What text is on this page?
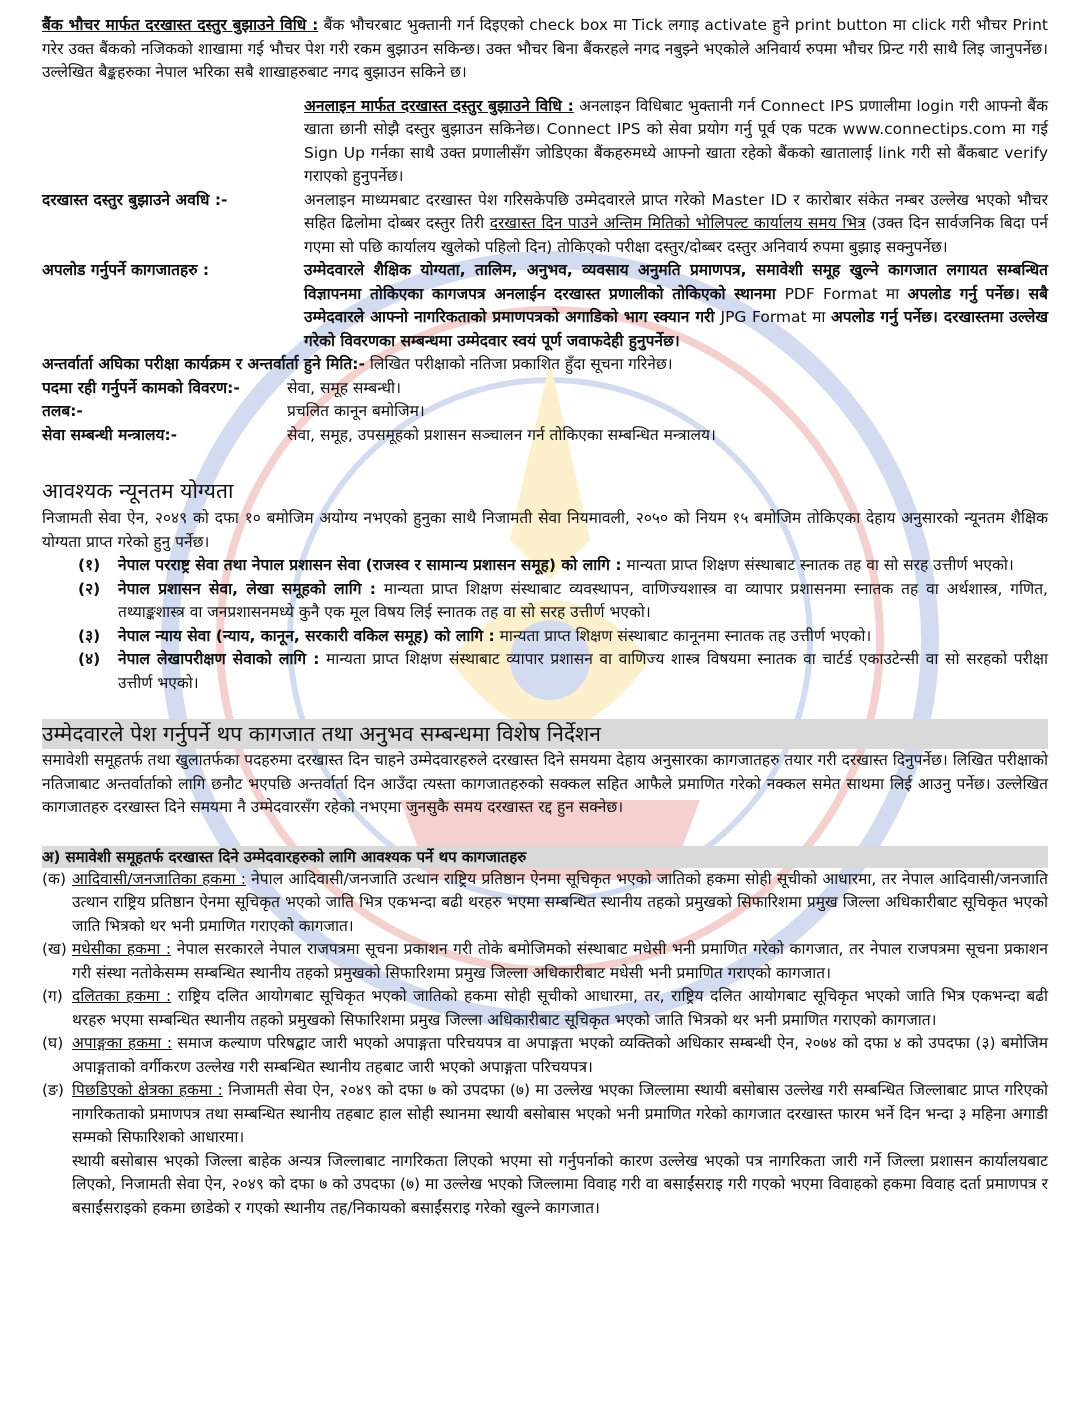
बैंक भौचर मार्फत दरखास्त दस्तुर बुझाउने विधि : बैंक भौचरबाट भुक्तानी गर्न दिइएको check box मा Tick लगाइ activate हुने print button मा click गरी भौचर Print गरेर उक्त बैंकको नजिकको शाखामा गई भौचर पेश गरी रकम बुझाउन सकिन्छ। उक्त भौचर बिना बैंकरहले नगद नबुझ्ने भएकोले अनिवार्य रुपमा भौचर प्रिन्ट गरी साथै लिइ जानुपर्नेछ। उल्लेखित बैङ्कहरुका नेपाल भरिका सबै शाखाहरुबाट नगद बुझाउन सकिने छ।
अनलाइन मार्फत दरखास्त दस्तुर बुझाउने विधि : अनलाइन विधिबाट भुक्तानी गर्न Connect IPS प्रणालीमा login गरी आफ्नो बैंक खाता छानी सोझै दस्तुर बुझाउन सकिनेछ। Connect IPS को सेवा प्रयोग गर्नु पूर्व एक पटक www.connectips.com मा गई Sign Up गर्नका साथै उक्त प्रणालीसँग जोडिएका बैंकहरुमध्ये आफ्नो खाता रहेको बैंकको खातालाई link गरी सो बैंकबाट verify गराएको हुनुपर्नेछ।
दरखास्त दस्तुर बुझाउने अवधि :-	अनलाइन माध्यमबाट दरखास्त पेश गरिसकेपछि उम्मेदवारले प्राप्त गरेको Master ID र कारोबार संकेत नम्बर उल्लेख भएको भौचर सहित ढिलोमा दोब्बर दस्तुर तिरी दरखास्त दिन पाउने अन्तिम मितिको भोलिपल्ट कार्यालय समय भित्र (उक्त दिन सार्वजनिक बिदा पर्न गएमा सो पछि कार्यालय खुलेको पहिलो दिन) तोकिएको परीक्षा दस्तुर/दोब्बर दस्तुर अनिवार्य रुपमा बुझाइ सक्नुपर्नेछ।
अपलोड गर्नुपर्ने कागजातहरु :	उम्मेदवारले शैक्षिक योग्यता, तालिम, अनुभव, व्यवसाय अनुमति प्रमाणपत्र, समावेशी समूह खुल्ने कागजात लगायत सम्बन्धित विज्ञापनमा तोकिएका कागजपत्र अनलाईन दरखास्त प्रणालीको तोकिएको स्थानमा PDF Format मा अपलोड गर्नु पर्नेछ। सबै उम्मेदवारले आफ्नो नागरिकताको प्रमाणपत्रको अगाडिको भाग स्क्यान गरी JPG Format मा अपलोड गर्नु पर्नेछ। दरखास्तमा उल्लेख गरेको विवरणका सम्बन्धमा उम्मेदवार स्वयं पूर्ण जवाफदेही हुनुपर्नेछ।
अन्तर्वार्ता अघिका परीक्षा कार्यक्रम र अन्तर्वार्ता हुने मिति:- लिखित परीक्षाको नतिजा प्रकाशित हुँदा सूचना गरिनेछ।
पदमा रही गर्नुपर्ने कामको विवरण:-	सेवा, समूह सम्बन्धी।
तलब:-	प्रचलित कानून बमोजिम।
सेवा सम्बन्धी मन्त्रालय:-	सेवा, समूह, उपसमूहको प्रशासन सञ्चालन गर्न तोकिएका सम्बन्धित मन्त्रालय।
आवश्यक न्यूनतम योग्यता
निजामती सेवा ऐन, २०४९ को दफा १० बमोजिम अयोग्य नभएको हुनुका साथै निजामती सेवा नियमावली, २०५० को नियम १५ बमोजिम तोकिएका देहाय अनुसारको न्यूनतम शैक्षिक योग्यता प्राप्त गरेको हुनु पर्नेछ।
(१)	नेपाल परराष्ट्र सेवा तथा नेपाल प्रशासन सेवा (राजस्व र सामान्य प्रशासन समूह) को लागि : मान्यता प्राप्त शिक्षण संस्थाबाट स्नातक तह वा सो सरह उत्तीर्ण भएको।
(२)	नेपाल प्रशासन सेवा, लेखा समूहको लागि : मान्यता प्राप्त शिक्षण संस्थाबाट व्यवस्थापन, वाणिज्यशास्त्र वा व्यापार प्रशासनमा स्नातक तह वा अर्थशास्त्र, गणित, तथ्याङ्कशास्त्र वा जनप्रशासनमध्ये कुनै एक मूल विषय लिई स्नातक तह वा सो सरह उत्तीर्ण भएको।
(३)	नेपाल न्याय सेवा (न्याय, कानून, सरकारी वकिल समूह) को लागि : मान्यता प्राप्त शिक्षण संस्थाबाट कानूनमा स्नातक तह उत्तीर्ण भएको।
(४)	नेपाल लेखापरीक्षण सेवाको लागि : मान्यता प्राप्त शिक्षण संस्थाबाट व्यापार प्रशासन वा वाणिज्य शास्त्र विषयमा स्नातक वा चार्टर्ड एकाउटेन्सी वा सो सरहको परीक्षा उत्तीर्ण भएको।
उम्मेदवारले पेश गर्नुपर्ने थप कागजात तथा अनुभव सम्बन्धमा विशेष निर्देशन
समावेशी समूहतर्फ तथा खुलातर्फका पदहरुमा दरखास्त दिन चाहने उम्मेदवारहरुले दरखास्त दिने समयमा देहाय अनुसारका कागजातहरु तयार गरी दरखास्त दिनुपर्नेछ। लिखित परीक्षाको नतिजाबाट अन्तर्वार्ताको लागि छनौट भएपछि अन्तर्वार्ता दिन आउँदा त्यस्ता कागजातहरुको सक्कल सहित आफैले प्रमाणित गरेको नक्कल समेत साथमा लिई आउनु पर्नेछ। उल्लेखित कागजातहरु दरखास्त दिने समयमा नै उम्मेदवारसँग रहेको नभएमा जुनसुकै समय दरखास्त रद्द हुन सक्नेछ।
अ) समावेशी समूहतर्फ दरखास्त दिने उम्मेदवारहरुको लागि आवश्यक पर्ने थप कागजातहरु
(क) आदिवासी/जनजातिका हकमा : नेपाल आदिवासी/जनजाति उत्थान राष्ट्रिय प्रतिष्ठान ऐनमा सूचिकृत भएको जातिको हकमा सोही सूचीको आधारमा, तर नेपाल आदिवासी/जनजाति उत्थान राष्ट्रिय प्रतिष्ठान ऐनमा सूचिकृत भएको जाति भित्र एकभन्दा बढी थरहरु भएमा सम्बन्धित स्थानीय तहको प्रमुखको सिफारिशमा प्रमुख जिल्ला अधिकारीबाट सूचिकृत भएको जाति भित्रको थर भनी प्रमाणित गराएको कागजात।
(ख) मधेसीका हकमा : नेपाल सरकारले नेपाल राजपत्रमा सूचना प्रकाशन गरी तोके बमोजिमको संस्थाबाट मधेसी भनी प्रमाणित गरेको कागजात, तर नेपाल राजपत्रमा सूचना प्रकाशन गरी संस्था नतोकेसम्म सम्बन्धित स्थानीय तहको प्रमुखको सिफारिशमा प्रमुख जिल्ला अधिकारीबाट मधेसी भनी प्रमाणित गराएको कागजात।
(ग) दलितका हकमा : राष्ट्रिय दलित आयोगबाट सूचिकृत भएको जातिको हकमा सोही सूचीको आधारमा, तर, राष्ट्रिय दलित आयोगबाट सूचिकृत भएको जाति भित्र एकभन्दा बढी थरहरु भएमा सम्बन्धित स्थानीय तहको प्रमुखको सिफारिशमा प्रमुख जिल्ला अधिकारीबाट सूचिकृत भएको जाति भित्रको थर भनी प्रमाणित गराएको कागजात।
(घ) अपाङ्गका हकमा : समाज कल्याण परिषद्बाट जारी भएको अपाङ्गता परिचयपत्र वा अपाङ्गता भएको व्यक्तिको अधिकार सम्बन्धी ऐन, २०७४ को दफा ४ को उपदफा (३) बमोजिम अपाङ्गताको वर्गीकरण उल्लेख गरी सम्बन्धित स्थानीय तहबाट जारी भएको अपाङ्गता परिचयपत्र।
(ङ) पिछडिएको क्षेत्रका हकमा : निजामती सेवा ऐन, २०४९ को दफा ७ को उपदफा (७) मा उल्लेख भएका जिल्लामा स्थायी बसोबास उल्लेख गरी सम्बन्धित जिल्लाबाट प्राप्त गरिएको नागरिकताको प्रमाणपत्र तथा सम्बन्धित स्थानीय तहबाट हाल सोही स्थानमा स्थायी बसोबास भएको भनी प्रमाणित गरेको कागजात दरखास्त फारम भर्ने दिन भन्दा ३ महिना अगाडी सम्मको सिफारिशको आधारमा।
स्थायी बसोबास भएको जिल्ला बाहेक अन्यत्र जिल्लाबाट नागरिकता लिएको भएमा सो गर्नुपर्नाको कारण उल्लेख भएको पत्र नागरिकता जारी गर्ने जिल्ला प्रशासन कार्यालयबाट लिएको, निजामती सेवा ऐन, २०४९ को दफा ७ को उपदफा (७) मा उल्लेख भएको जिल्लामा विवाह गरी वा बसाईंसराइ गरी गएको भएमा विवाहको हकमा विवाह दर्ता प्रमाणपत्र र बसाईंसराइको हकमा छाडेको र गएको स्थानीय तह/निकायको बसाईंसराइ गरेको खुल्ने कागजात।
